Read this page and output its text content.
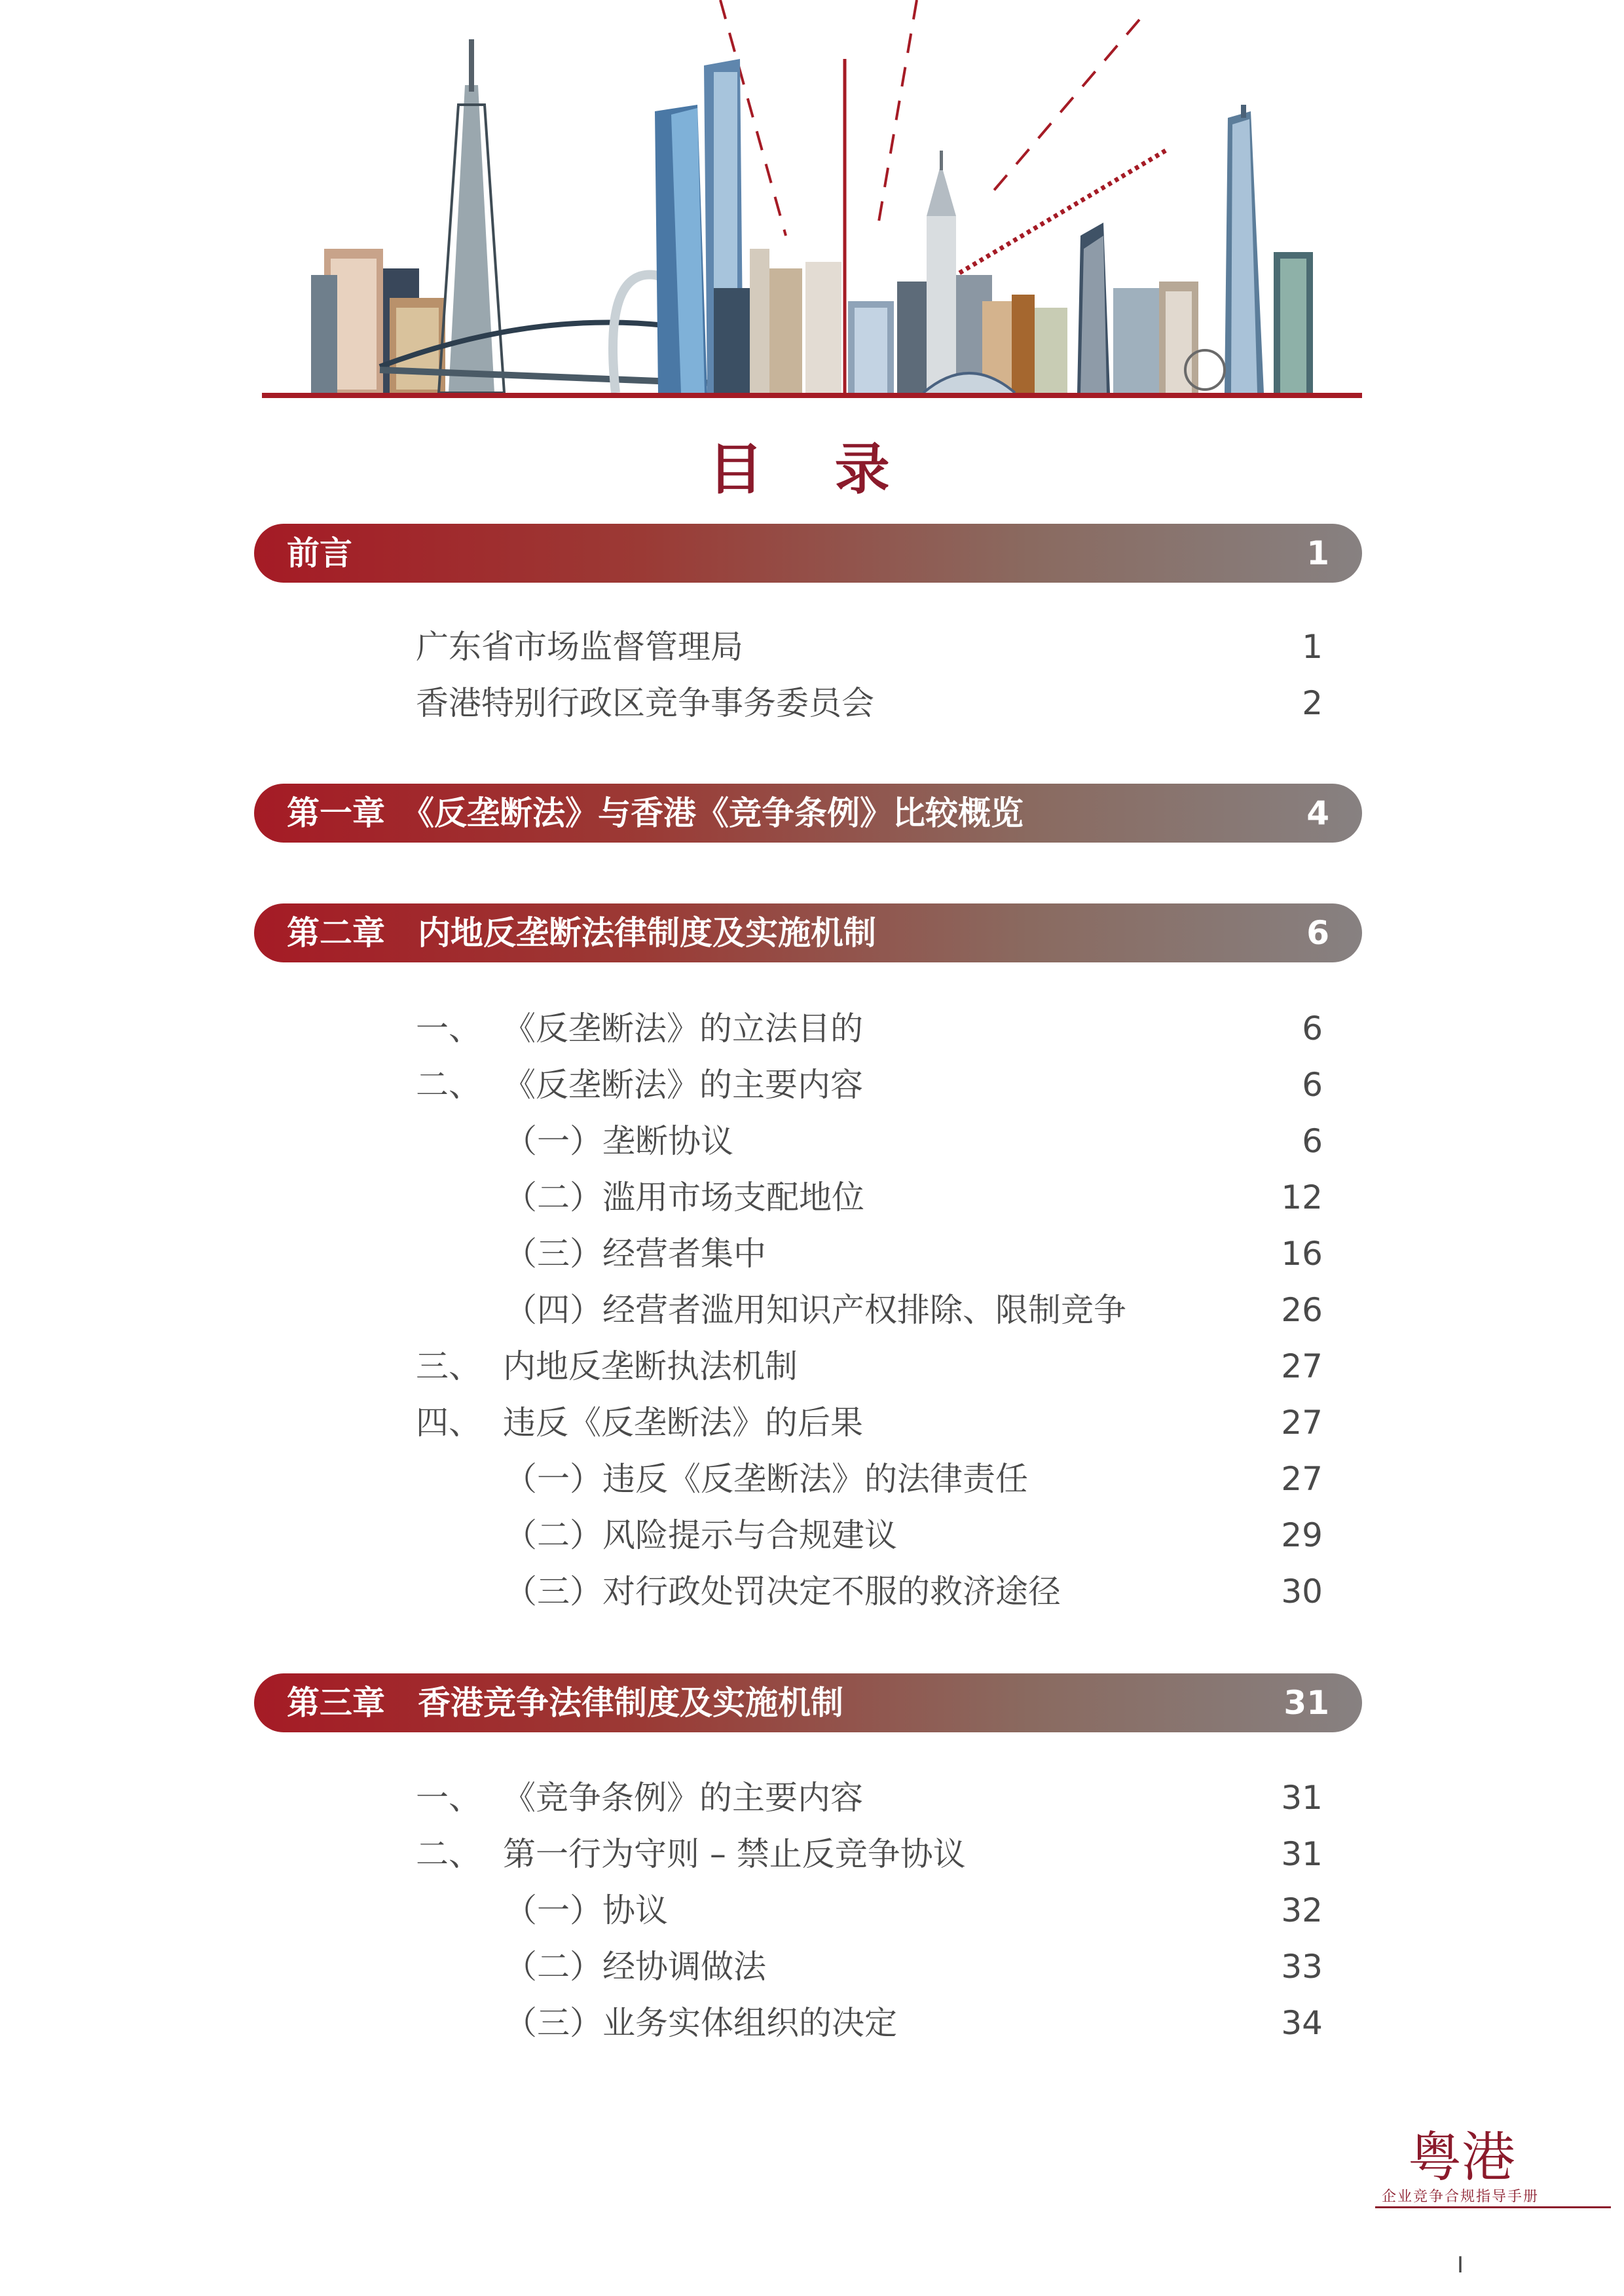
目 录
前言	1
广东省市场监督管理局	1
香港特别行政区竞争事务委员会	2
第一章　《反垄断法》与香港《竞争条例》比较概览	4
第二章　内地反垄断法律制度及实施机制	6
一、 《反垄断法》的立法目的	6
二、 《反垄断法》的主要内容	6
（一）垄断协议	6
（二）滥用市场支配地位	12
（三）经营者集中	16
（四）经营者滥用知识产权排除、限制竞争	26
三、 内地反垄断执法机制	27
四、 违反《反垄断法》的后果	27
（一）违反《反垄断法》的法律责任	27
（二）风险提示与合规建议	29
（三）对行政处罚决定不服的救济途径	30
第三章　香港竞争法律制度及实施机制	31
一、 《竞争条例》的主要内容	31
二、 第一行为守则 – 禁止反竞争协议	31
（一）协议	32
（二）经协调做法	33
（三）业务实体组织的决定	34
粤港
企业竞争合规指导手册
I
